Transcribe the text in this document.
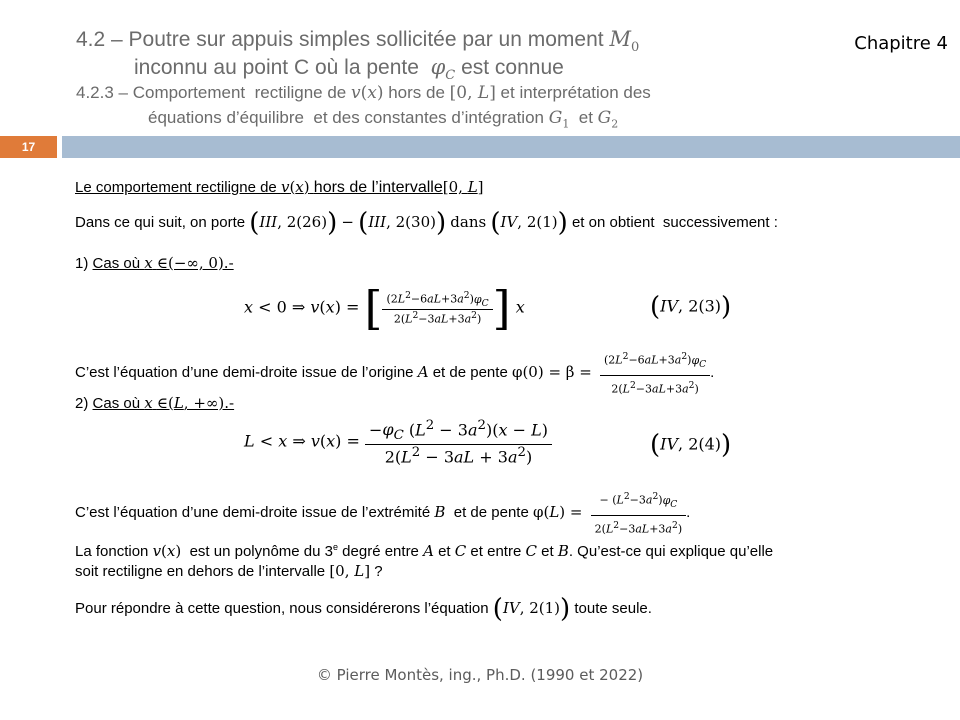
4.2 – Poutre sur appuis simples sollicitée par un moment $M_0$
inconnu au point C où la pente  $\varphi_C$ est connue
4.2.3 – Comportement  rectiligne de v(x) hors de [0, L] et interprétation des
équations d’équilibre  et des constantes d’intégration $G_1$  et $G_2$
Chapitre 4
17
Le comportement rectiligne de v(x) hors de l’intervalle[0, L]
Dans ce qui suit, on porte (III, 2(26)) − (III, 2(30)) dans (IV, 2(1)) et on obtient  successivement :
1) Cas où x ∈(−∞, 0).-
x < 0 ⇒ v(x) = [ $\frac{(2L^2-6aL+3a^2)\varphi_C}{2(L^2-3aL+3a^2)}$ ] x	(IV, 2(3))
C’est l’équation d’une demi-droite issue de l’origine A et de pente $\varphi(0) = \beta = \frac{(2L^2-6aL+3a^2)\varphi_C}{2(L^2-3aL+3a^2)}$ .
2) Cas où x ∈(L, +∞).-
L < x ⇒ $v(x) = \frac{-\varphi_C (L^2 - 3a^2)(x - L)}{2(L^2 - 3aL + 3a^2)}$	(IV, 2(4))
C’est l’équation d’une demi-droite issue de l’extrémité B  et de pente $\varphi(L) = \frac{- (L^2-3a^2)\varphi_C}{2(L^2-3aL+3a^2)}$ .
La fonction v(x)  est un polynôme du 3e degré entre A et C et entre C et B. Qu’est-ce qui explique qu’elle
soit rectiligne en dehors de l’intervalle [0, L] ?
Pour répondre à cette question, nous considérerons l’équation (IV, 2(1)) toute seule.
© Pierre Montès, ing., Ph.D. (1990 et 2022)
